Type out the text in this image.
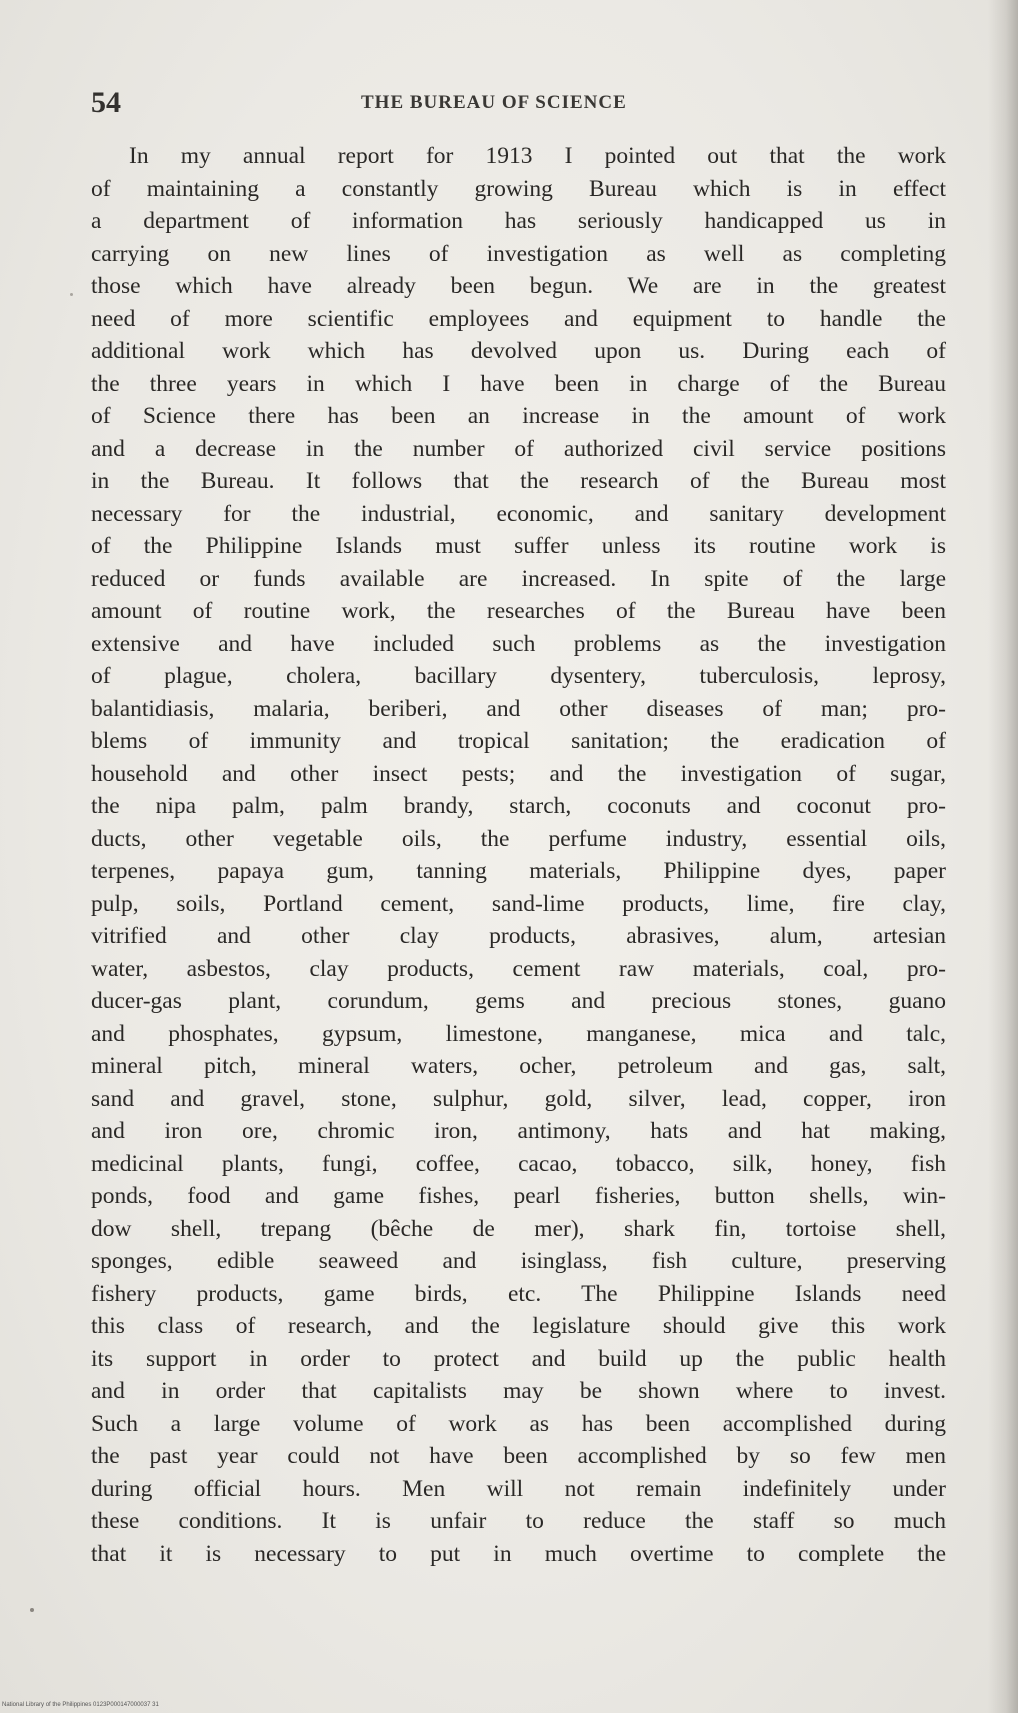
54	THE BUREAU OF SCIENCE
In my annual report for 1913 I pointed out that the work
of maintaining a constantly growing Bureau which is in effect
a department of information has seriously handicapped us in
carrying on new lines of investigation as well as completing
those which have already been begun. We are in the greatest
need of more scientific employees and equipment to handle the
additional work which has devolved upon us. During each of
the three years in which I have been in charge of the Bureau
of Science there has been an increase in the amount of work
and a decrease in the number of authorized civil service positions
in the Bureau. It follows that the research of the Bureau most
necessary for the industrial, economic, and sanitary development
of the Philippine Islands must suffer unless its routine work is
reduced or funds available are increased. In spite of the large
amount of routine work, the researches of the Bureau have been
extensive and have included such problems as the investigation
of plague, cholera, bacillary dysentery, tuberculosis, leprosy,
balantidiasis, malaria, beriberi, and other diseases of man; pro-
blems of immunity and tropical sanitation; the eradication of
household and other insect pests; and the investigation of sugar,
the nipa palm, palm brandy, starch, coconuts and coconut pro-
ducts, other vegetable oils, the perfume industry, essential oils,
terpenes, papaya gum, tanning materials, Philippine dyes, paper
pulp, soils, Portland cement, sand-lime products, lime, fire clay,
vitrified and other clay products, abrasives, alum, artesian
water, asbestos, clay products, cement raw materials, coal, pro-
ducer-gas plant, corundum, gems and precious stones, guano
and phosphates, gypsum, limestone, manganese, mica and talc,
mineral pitch, mineral waters, ocher, petroleum and gas, salt,
sand and gravel, stone, sulphur, gold, silver, lead, copper, iron
and iron ore, chromic iron, antimony, hats and hat making,
medicinal plants, fungi, coffee, cacao, tobacco, silk, honey, fish
ponds, food and game fishes, pearl fisheries, button shells, win-
dow shell, trepang (bêche de mer), shark fin, tortoise shell,
sponges, edible seaweed and isinglass, fish culture, preserving
fishery products, game birds, etc. The Philippine Islands need
this class of research, and the legislature should give this work
its support in order to protect and build up the public health
and in order that capitalists may be shown where to invest.
Such a large volume of work as has been accomplished during
the past year could not have been accomplished by so few men
during official hours. Men will not remain indefinitely under
these conditions. It is unfair to reduce the staff so much
that it is necessary to put in much overtime to complete the
National Library of the Philippines 0123P000147000037 31
